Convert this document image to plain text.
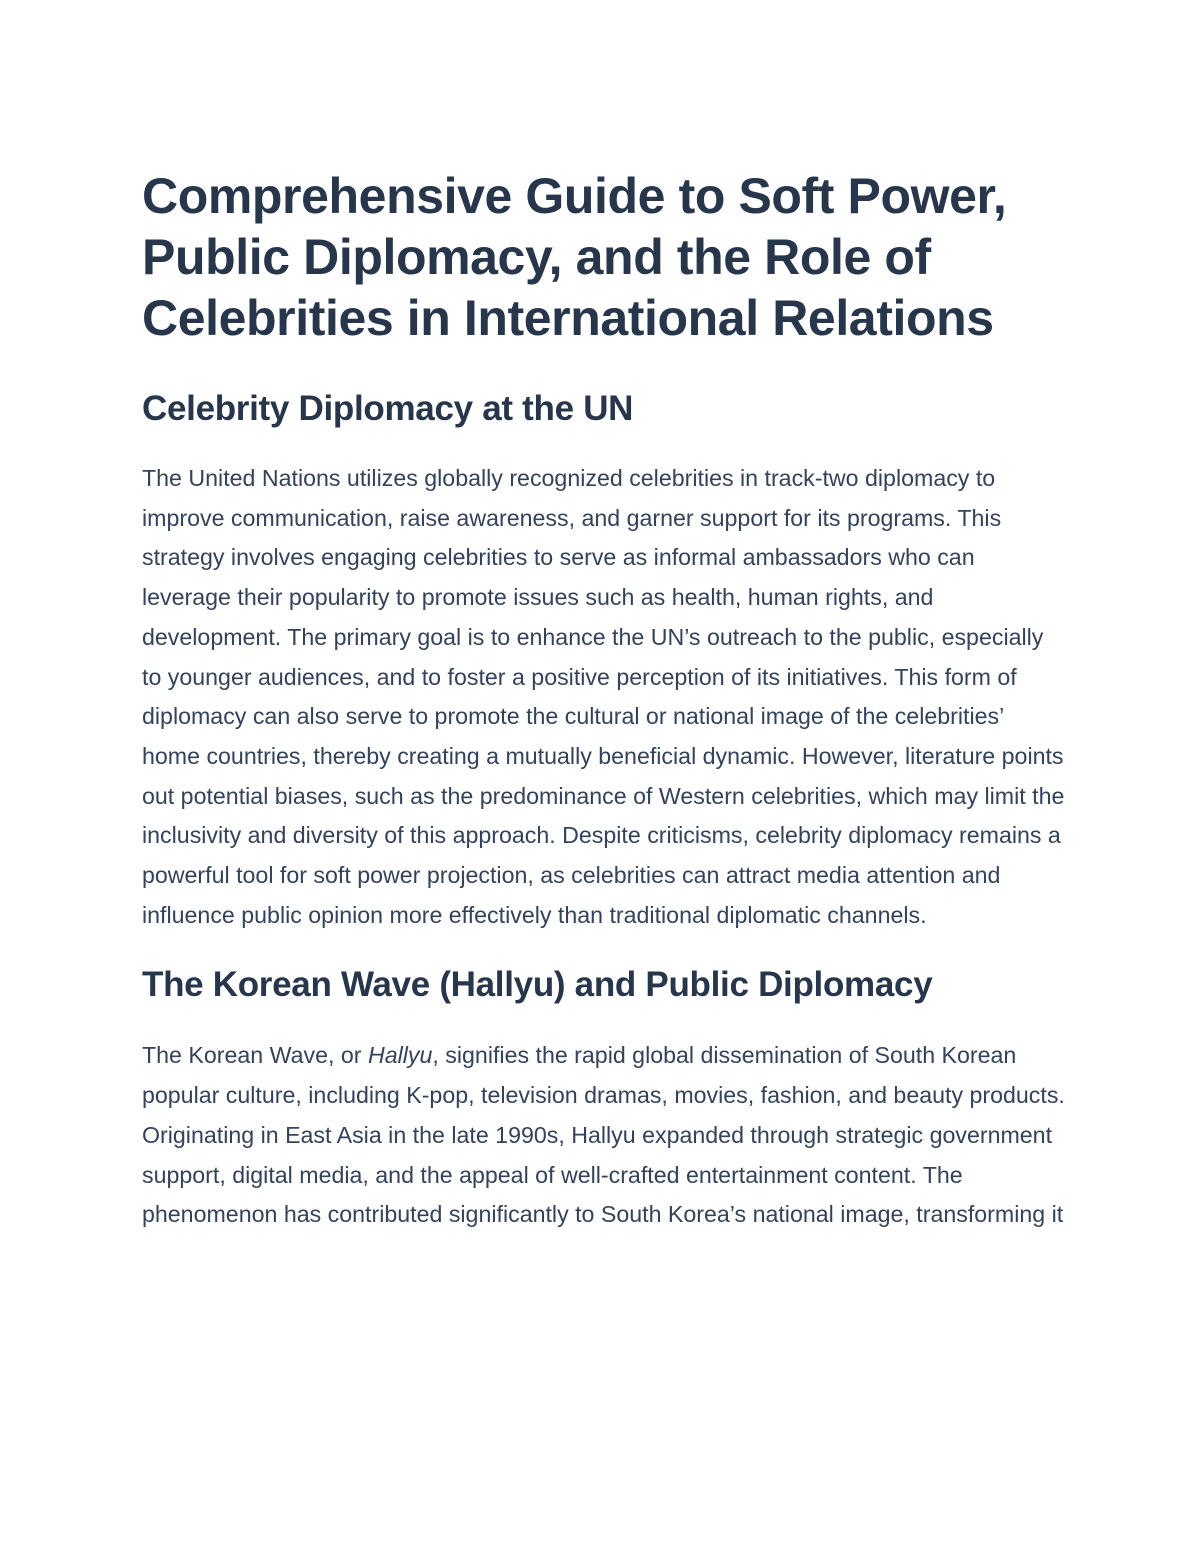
Comprehensive Guide to Soft Power, Public Diplomacy, and the Role of Celebrities in International Relations
Celebrity Diplomacy at the UN

The United Nations utilizes globally recognized celebrities in track-two diplomacy to improve communication, raise awareness, and garner support for its programs. This strategy involves engaging celebrities to serve as informal ambassadors who can leverage their popularity to promote issues such as health, human rights, and development. The primary goal is to enhance the UN’s outreach to the public, especially to younger audiences, and to foster a positive perception of its initiatives. This form of diplomacy can also serve to promote the cultural or national image of the celebrities’ home countries, thereby creating a mutually beneficial dynamic. However, literature points out potential biases, such as the predominance of Western celebrities, which may limit the inclusivity and diversity of this approach. Despite criticisms, celebrity diplomacy remains a powerful tool for soft power projection, as celebrities can attract media attention and influence public opinion more effectively than traditional diplomatic channels.

The Korean Wave (Hallyu) and Public Diplomacy

The Korean Wave, or Hallyu, signifies the rapid global dissemination of South Korean popular culture, including K-pop, television dramas, movies, fashion, and beauty products. Originating in East Asia in the late 1990s, Hallyu expanded through strategic government support, digital media, and the appeal of well-crafted entertainment content. The phenomenon has contributed significantly to South Korea’s national image, transforming it
